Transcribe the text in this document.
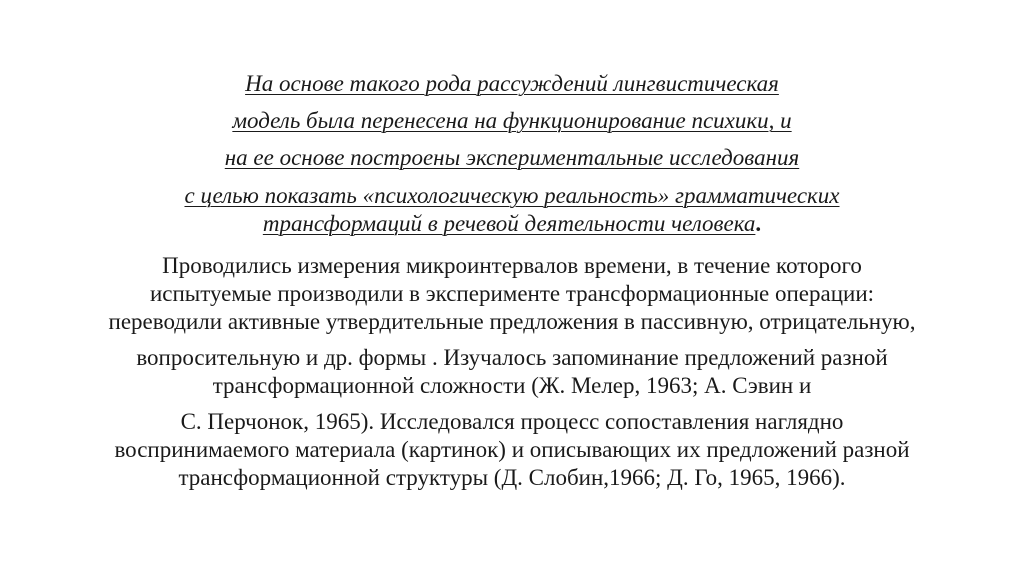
На основе такого рода рассуждений лингвистическая
модель была перенесена на функционирование психики, и
на ее основе построены экспериментальные исследования
с целью показать «психологическую реальность» грамматических
трансформаций в речевой деятельности человека.
Проводились измерения микроинтервалов времени, в течение которого
испытуемые производили в эксперименте трансформационные операции:
переводили активные утвердительные предложения в пассивную, отрицательную,
вопросительную и др. формы . Изучалось запоминание предложений разной
трансформационной сложности (Ж. Мелер, 1963; А. Сэвин и
С. Перчонок, 1965). Исследовался процесс сопоставления наглядно
воспринимаемого материала (картинок) и описывающих их предложений разной
трансформационной структуры (Д. Слобин,1966; Д. Го, 1965, 1966).
